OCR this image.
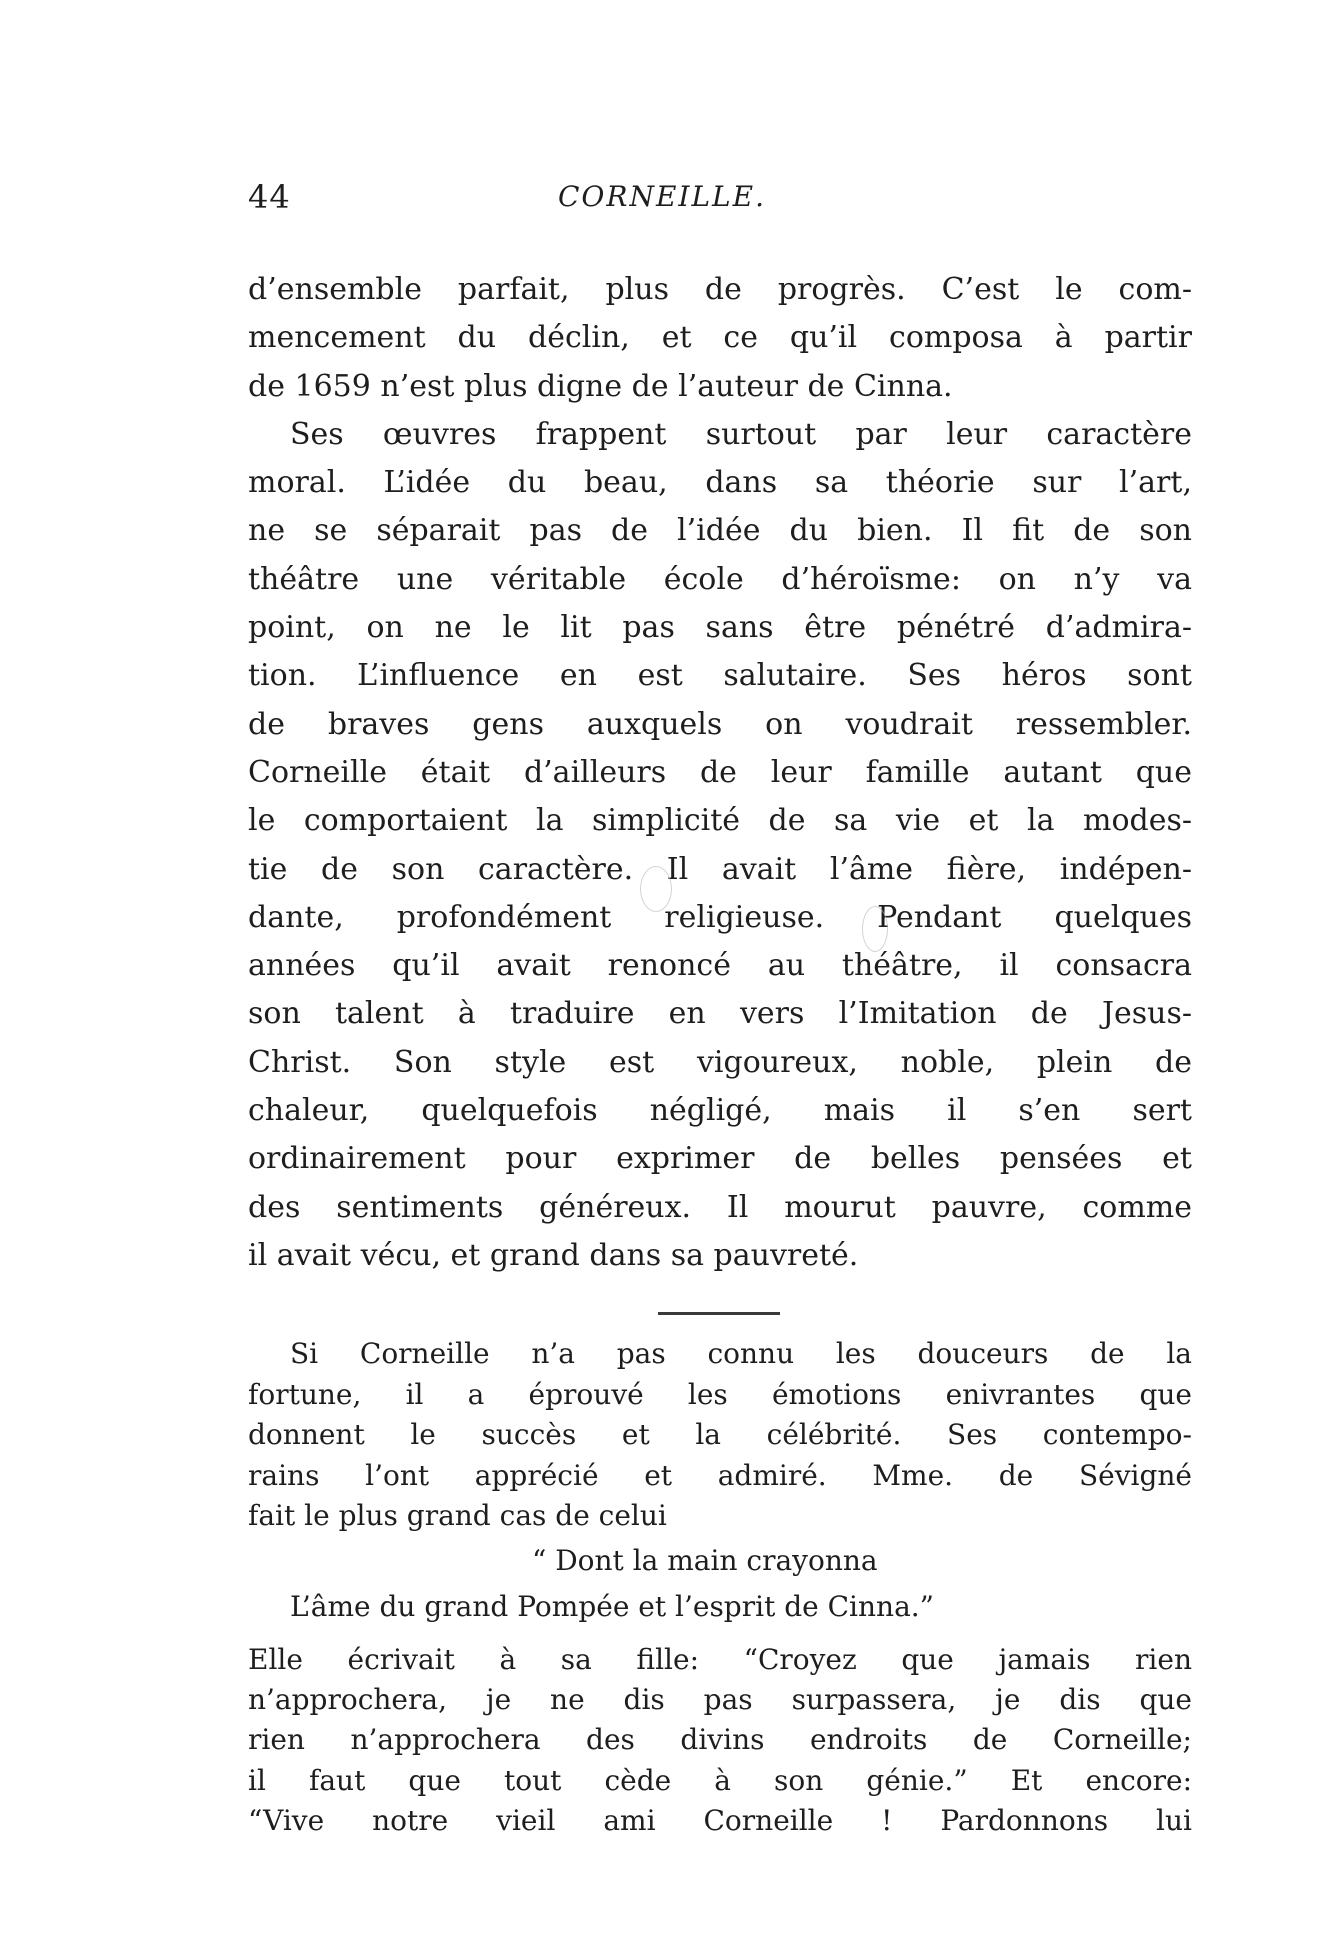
44	CORNEILLE.
d’ensemble parfait, plus de progrès. C’est le com-
mencement du déclin, et ce qu’il composa à partir
de 1659 n’est plus digne de l’auteur de Cinna.
Ses œuvres frappent surtout par leur caractère
moral. L’idée du beau, dans sa théorie sur l’art,
ne se séparait pas de l’idée du bien. Il fit de son
théâtre une véritable école d’héroïsme: on n’y va
point, on ne le lit pas sans être pénétré d’admira-
tion. L’influence en est salutaire. Ses héros sont
de braves gens auxquels on voudrait ressembler.
Corneille était d’ailleurs de leur famille autant que
le comportaient la simplicité de sa vie et la modes-
tie de son caractère. Il avait l’âme fière, indépen-
dante, profondément religieuse. Pendant quelques
années qu’il avait renoncé au théâtre, il consacra
son talent à traduire en vers l’Imitation de Jesus-
Christ. Son style est vigoureux, noble, plein de
chaleur, quelquefois négligé, mais il s’en sert
ordinairement pour exprimer de belles pensées et
des sentiments généreux. Il mourut pauvre, comme
il avait vécu, et grand dans sa pauvreté.
Si Corneille n’a pas connu les douceurs de la
fortune, il a éprouvé les émotions enivrantes que
donnent le succès et la célébrité. Ses contempo-
rains l’ont apprécié et admiré. Mme. de Sévigné
fait le plus grand cas de celui
“ Dont la main crayonna
L’âme du grand Pompée et l’esprit de Cinna.”
Elle écrivait à sa fille: “Croyez que jamais rien
n’approchera, je ne dis pas surpassera, je dis que
rien n’approchera des divins endroits de Corneille;
il faut que tout cède à son génie.” Et encore:
“Vive notre vieil ami Corneille ! Pardonnons lui
